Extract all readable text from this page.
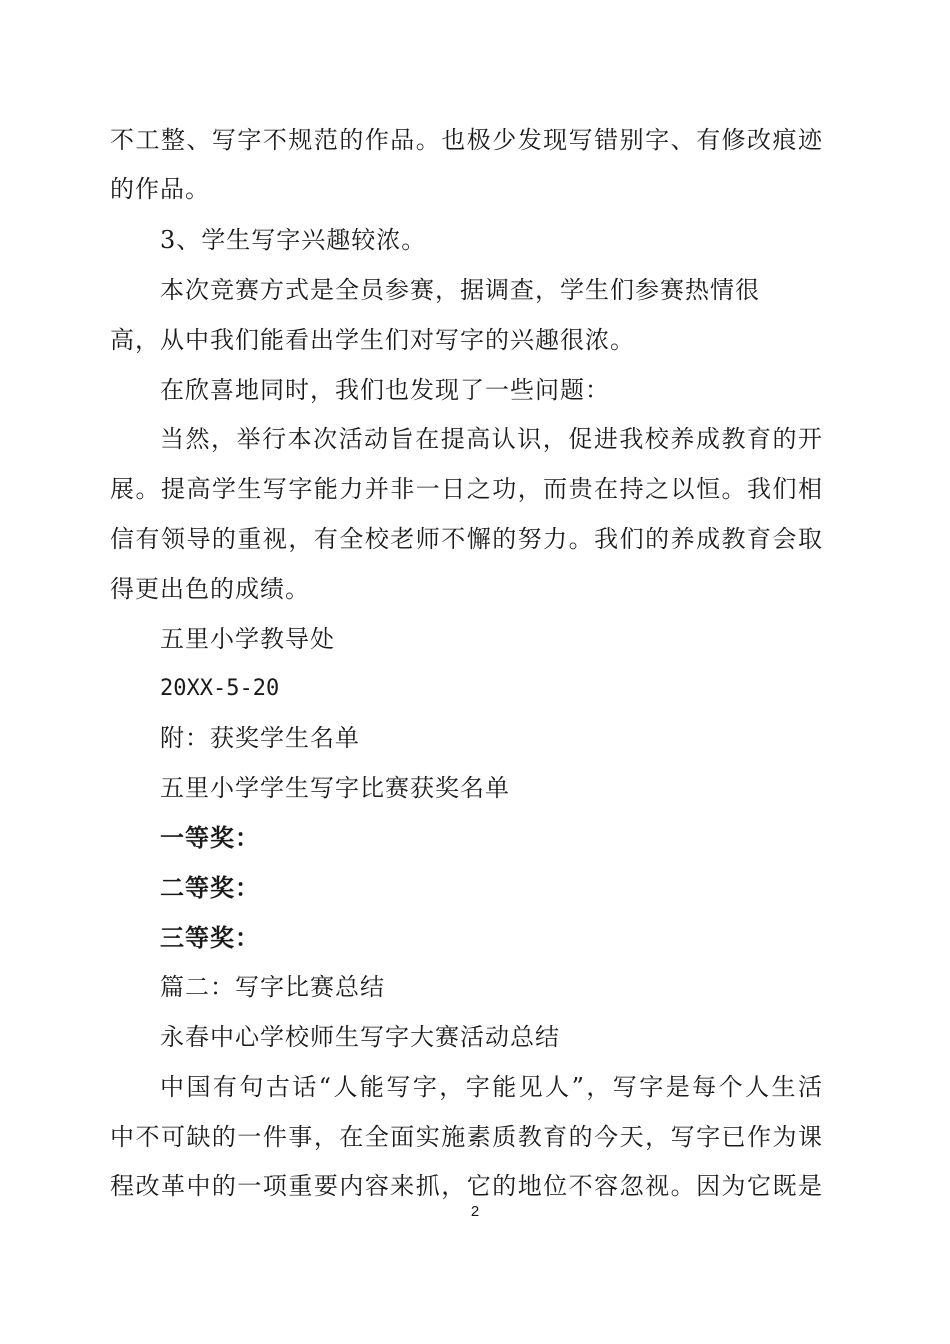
不工整、写字不规范的作品。也极少发现写错别字、有修改痕迹
的作品。
3、学生写字兴趣较浓。
本次竞赛方式是全员参赛，据调查，学生们参赛热情很
高，从中我们能看出学生们对写字的兴趣很浓。
在欣喜地同时，我们也发现了一些问题：
当然，举行本次活动旨在提高认识，促进我校养成教育的开
展。提高学生写字能力并非一日之功，而贵在持之以恒。我们相
信有领导的重视，有全校老师不懈的努力。我们的养成教育会取
得更出色的成绩。
五里小学教导处
20XX-5-20
附：获奖学生名单
五里小学学生写字比赛获奖名单
一等奖：
二等奖：
三等奖：
篇二：写字比赛总结
永春中心学校师生写字大赛活动总结
中国有句古话“人能写字，字能见人”，写字是每个人生活
中不可缺的一件事，在全面实施素质教育的今天，写字已作为课
程改革中的一项重要内容来抓，它的地位不容忽视。因为它既是
2
